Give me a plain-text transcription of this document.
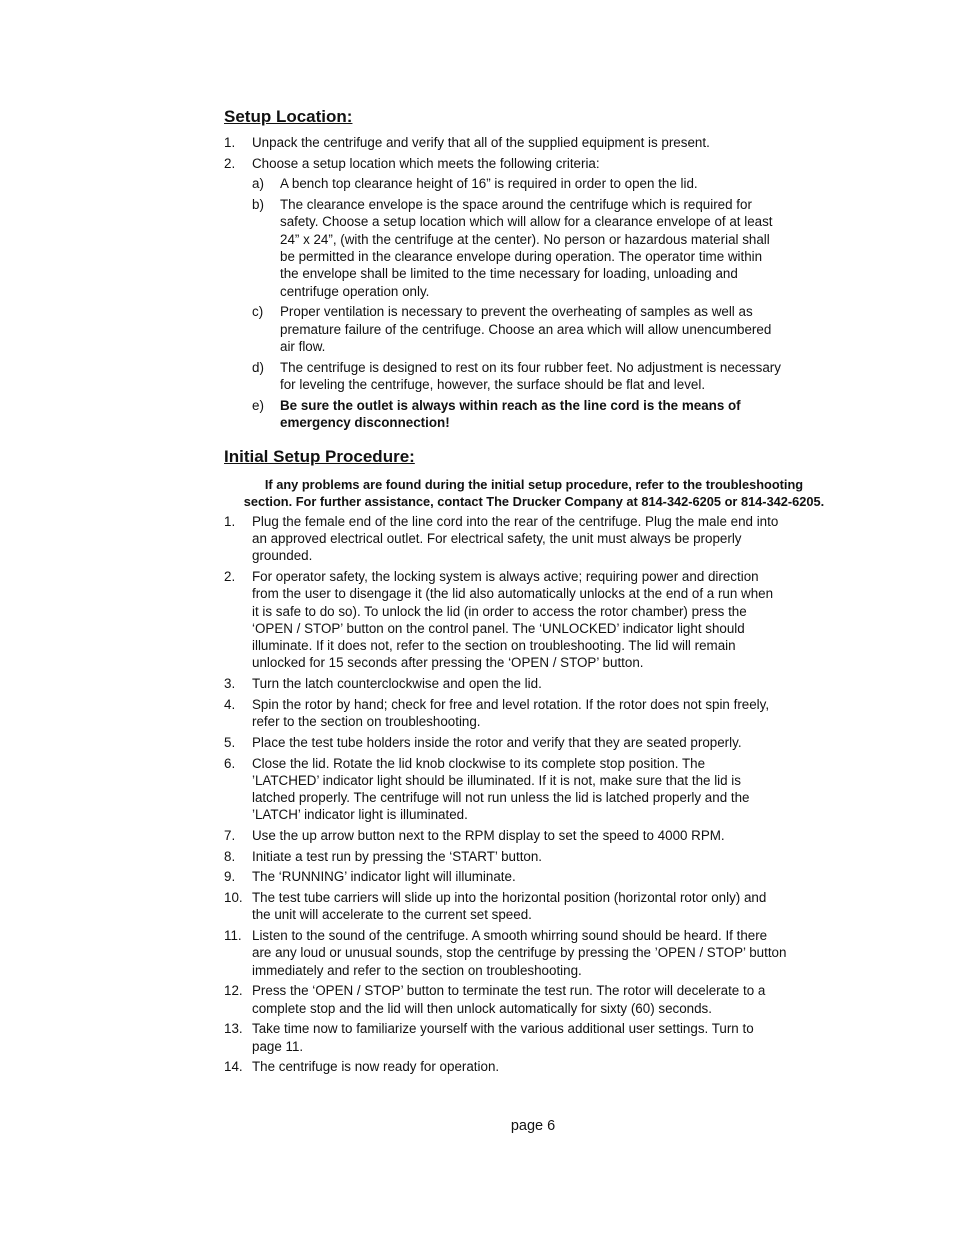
Setup Location:
1.	Unpack the centrifuge and verify that all of the supplied equipment is present.
2.	Choose a setup location which meets the following criteria:
a)	A bench top clearance height of 16” is required in order to open the lid.
b)	The clearance envelope is the space around the centrifuge which is required for
safety. Choose a setup location which will allow for a clearance envelope of at least
24” x 24”, (with the centrifuge at the center). No person or hazardous material shall
be permitted in the clearance envelope during operation. The operator time within
the envelope shall be limited to the time necessary for loading, unloading and
centrifuge operation only.
c)	Proper ventilation is necessary to prevent the overheating of samples as well as
premature failure of the centrifuge. Choose an area which will allow unencumbered
air flow.
d)	The centrifuge is designed to rest on its four rubber feet. No adjustment is necessary
for leveling the centrifuge, however, the surface should be flat and level.
e)	Be sure the outlet is always within reach as the line cord is the means of
emergency disconnection!
Initial Setup Procedure:
If any problems are found during the initial setup procedure, refer to the troubleshooting
section. For further assistance, contact The Drucker Company at 814-342-6205 or 814-342-6205.
1.	Plug the female end of the line cord into the rear of the centrifuge. Plug the male end into
an approved electrical outlet. For electrical safety, the unit must always be properly
grounded.
2.	For operator safety, the locking system is always active; requiring power and direction
from the user to disengage it (the lid also automatically unlocks at the end of a run when
it is safe to do so). To unlock the lid (in order to access the rotor chamber) press the
‘OPEN / STOP’ button on the control panel. The ‘UNLOCKED’ indicator light should
illuminate. If it does not, refer to the section on troubleshooting. The lid will remain
unlocked for 15 seconds after pressing the ‘OPEN / STOP’ button.
3.	Turn the latch counterclockwise and open the lid.
4.	Spin the rotor by hand; check for free and level rotation. If the rotor does not spin freely,
refer to the section on troubleshooting.
5.	Place the test tube holders inside the rotor and verify that they are seated properly.
6.	Close the lid. Rotate the lid knob clockwise to its complete stop position. The
’LATCHED’ indicator light should be illuminated. If it is not, make sure that the lid is
latched properly. The centrifuge will not run unless the lid is latched properly and the
’LATCH’ indicator light is illuminated.
7.	Use the up arrow button next to the RPM display to set the speed to 4000 RPM.
8.	Initiate a test run by pressing the ‘START’ button.
9.	The ‘RUNNING’ indicator light will illuminate.
10. The test tube carriers will slide up into the horizontal position (horizontal rotor only) and
the unit will accelerate to the current set speed.
11. Listen to the sound of the centrifuge. A smooth whirring sound should be heard. If there
are any loud or unusual sounds, stop the centrifuge by pressing the ’OPEN / STOP’ button
immediately and refer to the section on troubleshooting.
12. Press the ‘OPEN / STOP’ button to terminate the test run. The rotor will decelerate to a
complete stop and the lid will then unlock automatically for sixty (60) seconds.
13. Take time now to familiarize yourself with the various additional user settings. Turn to
page 11.
14. The centrifuge is now ready for operation.
page 6
